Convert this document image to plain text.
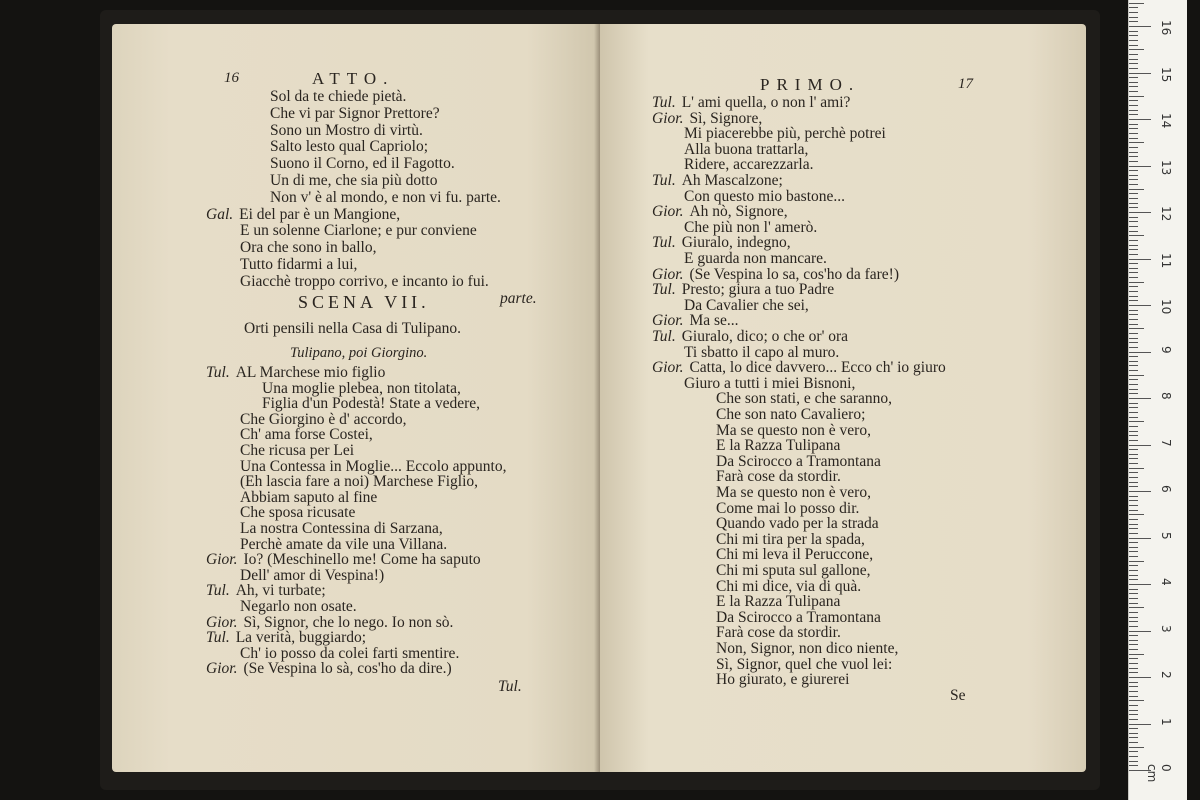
16	ATTO.
Sol da te chiede pietà.
Che vi par Signor Prettore?
Sono un Mostro di virtù.
Salto lesto qual Capriolo;
Suono il Corno, ed il Fagotto.
Un di me, che sia più dotto
Non v' è al mondo, e non vi fu. parte.
Gal. Ei del par è un Mangione,
E un solenne Ciarlone; e pur conviene
Ora che sono in ballo,
Tutto fidarmi a lui,
Giacchè troppo corrivo, e incanto io fui.
parte.
SCENA VII.
Orti pensili nella Casa di Tulipano.
Tulipano, poi Giorgino.
Tul. AL Marchese mio figlio
Una moglie plebea, non titolata,
Figlia d'un Podestà! State a vedere,
Che Giorgino è d' accordo,
Ch' ama forse Costei,
Che ricusa per Lei
Una Contessa in Moglie... Eccolo appunto,
(Eh lascia fare a noi) Marchese Figlio,
Abbiam saputo al fine
Che sposa ricusate
La nostra Contessina di Sarzana,
Perchè amate da vile una Villana.
Gior. Io? (Meschinello me! Come ha saputo
Dell' amor di Vespina!)
Tul. Ah, vi turbate;
Negarlo non osate.
Gior. Sì, Signor, che lo nego. Io non sò.
Tul. La verità, buggiardo;
Ch' io posso da colei farti smentire.
Gior. (Se Vespina lo sà, cos'ho da dire.)
Tul.
PRIMO.	17
Tul. L' ami quella, o non l' ami?
Gior. Sì, Signore,
Mi piacerebbe più, perchè potrei
Alla buona trattarla,
Ridere, accarezzarla.
Tul. Ah Mascalzone;
Con questo mio bastone...
Gior. Ah nò, Signore,
Che più non l' amerò.
Tul. Giuralo, indegno,
E guarda non mancare.
Gior. (Se Vespina lo sa, cos'ho da fare!)
Tul. Presto; giura a tuo Padre
Da Cavalier che sei,
Gior. Ma se...
Tul. Giuralo, dico; o che or' ora
Ti sbatto il capo al muro.
Gior. Catta, lo dice davvero... Ecco ch' io giuro
Giuro a tutti i miei Bisnoni,
Che son stati, e che saranno,
Che son nato Cavaliero;
Ma se questo non è vero,
E la Razza Tulipana
Da Scirocco a Tramontana
Farà cose da stordir.
Ma se questo non è vero,
Come mai lo posso dir.
Quando vado per la strada
Chi mi tira per la spada,
Chi mi leva il Peruccone,
Chi mi sputa sul gallone,
Chi mi dice, via di quà.
E la Razza Tulipana
Da Scirocco a Tramontana
Farà cose da stordir.
Non, Signor, non dico niente,
Sì, Signor, quel che vuol lei:
Ho giurato, e giurerei
Se
0 cm
1
2
3
4
5
6
7
8
9
10
11
12
13
14
15
16
